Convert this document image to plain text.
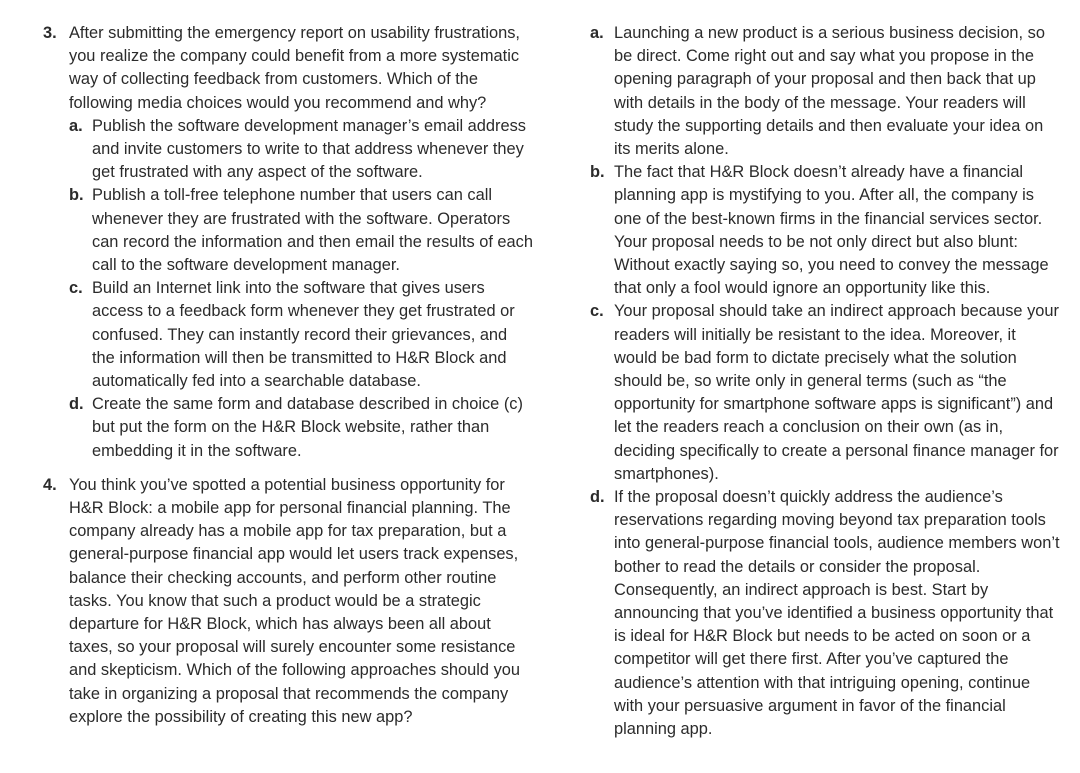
3. After submitting the emergency report on usability frustrations, you realize the company could benefit from a more systematic way of collecting feedback from customers. Which of the following media choices would you recommend and why?
a. Publish the software development manager’s email address and invite customers to write to that address whenever they get frustrated with any aspect of the software.
b. Publish a toll-free telephone number that users can call whenever they are frustrated with the software. Operators can record the information and then email the results of each call to the software development manager.
c. Build an Internet link into the software that gives users access to a feedback form whenever they get frustrated or confused. They can instantly record their grievances, and the information will then be transmitted to H&R Block and automatically fed into a searchable database.
d. Create the same form and database described in choice (c) but put the form on the H&R Block website, rather than embedding it in the software.
4. You think you’ve spotted a potential business opportunity for H&R Block: a mobile app for personal financial planning. The company already has a mobile app for tax preparation, but a general-purpose financial app would let users track expenses, balance their checking accounts, and perform other routine tasks. You know that such a product would be a strategic departure for H&R Block, which has always been all about taxes, so your proposal will surely encounter some resistance and skepticism. Which of the following approaches should you take in organizing a proposal that recommends the company explore the possibility of creating this new app?
a. Launching a new product is a serious business decision, so be direct. Come right out and say what you propose in the opening paragraph of your proposal and then back that up with details in the body of the message. Your readers will study the supporting details and then evaluate your idea on its merits alone.
b. The fact that H&R Block doesn’t already have a financial planning app is mystifying to you. After all, the company is one of the best-known firms in the financial services sector. Your proposal needs to be not only direct but also blunt: Without exactly saying so, you need to convey the message that only a fool would ignore an opportunity like this.
c. Your proposal should take an indirect approach because your readers will initially be resistant to the idea. Moreover, it would be bad form to dictate precisely what the solution should be, so write only in general terms (such as “the opportunity for smartphone software apps is significant”) and let the readers reach a conclusion on their own (as in, deciding specifically to create a personal finance manager for smartphones).
d. If the proposal doesn’t quickly address the audience’s reservations regarding moving beyond tax preparation tools into general-purpose financial tools, audience members won’t bother to read the details or consider the proposal. Consequently, an indirect approach is best. Start by announcing that you’ve identified a business opportunity that is ideal for H&R Block but needs to be acted on soon or a competitor will get there first. After you’ve captured the audience’s attention with that intriguing opening, continue with your persuasive argument in favor of the financial planning app.
